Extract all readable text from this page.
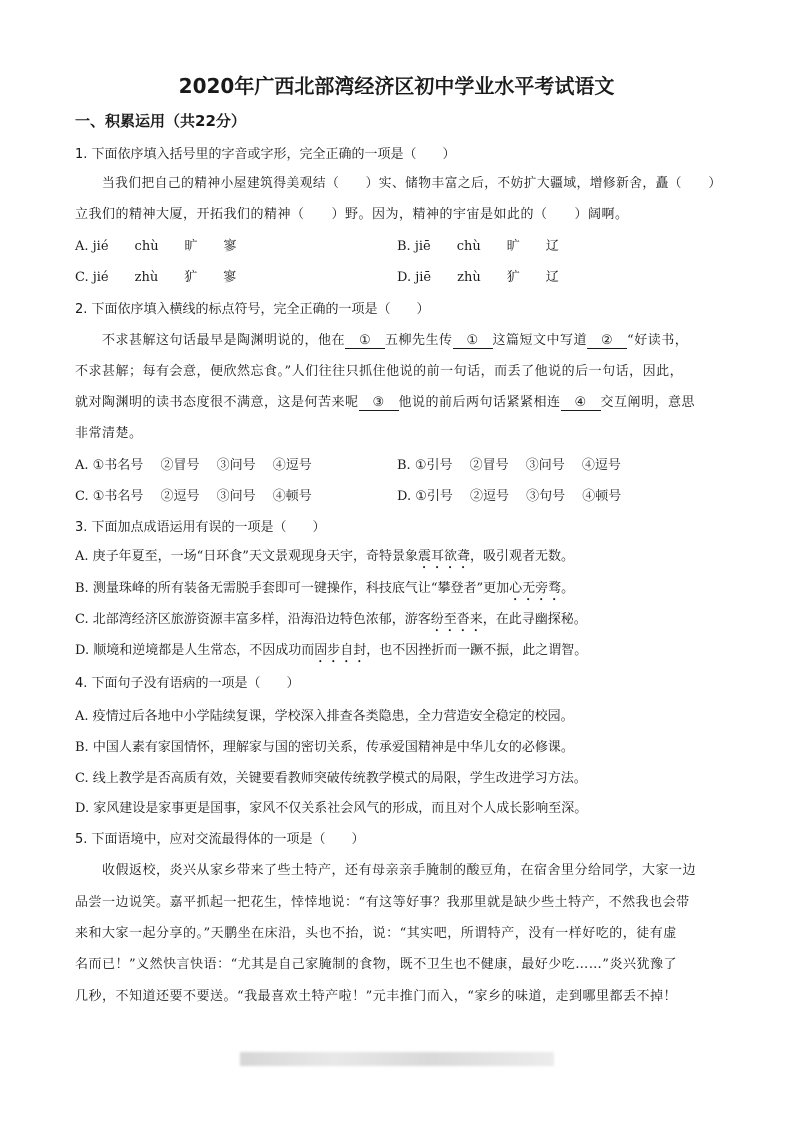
2020年广西北部湾经济区初中学业水平考试语文
一、积累运用（共22分）
1. 下面依序填入括号里的字音或字形，完全正确的一项是（　　）
当我们把自己的精神小屋建筑得美观结（　　）实、储物丰富之后，不妨扩大疆域，增修新舍，矗（　　）
立我们的精神大厦，开拓我们的精神（　　）野。因为，精神的宇宙是如此的（　　）阔啊。
A. jié　　chù　　旷　　寥	B. jiē　　chù　　旷　　辽
C. jié　　zhù　　犷　　寥	D. jiē　　zhù　　犷　　辽
2. 下面依序填入横线的标点符号，完全正确的一项是（　　）
不求甚解这句话最早是陶渊明说的，他在 ① 五柳先生传 ① 这篇短文中写道 ② “好读书，
不求甚解；每有会意，便欣然忘食。”人们往往只抓住他说的前一句话，而丢了他说的后一句话，因此，
就对陶渊明的读书态度很不满意，这是何苦来呢 ③ 他说的前后两句话紧紧相连 ④ 交互阐明，意思
非常清楚。
A. ①书名号　 ②冒号　 ③问号　 ④逗号	B. ①引号　 ②冒号　 ③问号　 ④逗号
C. ①书名号　 ②逗号　 ③问号　 ④顿号	D. ①引号　 ②逗号　 ③句号　 ④顿号
3. 下面加点成语运用有误的一项是（　　）
A. 庚子年夏至，一场“日环食”天文景观现身天宇，奇特景象震耳欲聋，吸引观者无数。
B. 测量珠峰的所有装备无需脱手套即可一键操作，科技底气让“攀登者”更加心无旁骛。
C. 北部湾经济区旅游资源丰富多样，沿海沿边特色浓郁，游客纷至沓来，在此寻幽探秘。
D. 顺境和逆境都是人生常态，不因成功而固步自封，也不因挫折而一蹶不振，此之谓智。
4. 下面句子没有语病的一项是（　　）
A. 疫情过后各地中小学陆续复课，学校深入排查各类隐患，全力营造安全稳定的校园。
B. 中国人素有家国情怀，理解家与国的密切关系，传承爱国精神是中华儿女的必修课。
C. 线上教学是否高质有效，关键要看教师突破传统教学模式的局限，学生改进学习方法。
D. 家风建设是家事更是国事，家风不仅关系社会风气的形成，而且对个人成长影响至深。
5. 下面语境中，应对交流最得体的一项是（　　）
收假返校，炎兴从家乡带来了些土特产，还有母亲亲手腌制的酸豆角，在宿舍里分给同学，大家一边
品尝一边说笑。嘉平抓起一把花生，悻悻地说：“有这等好事？我那里就是缺少些土特产，不然我也会带
来和大家一起分享的。”天鹏坐在床沿，头也不抬，说：“其实吧，所谓特产，没有一样好吃的，徒有虚
名而已！”义然快言快语：“尤其是自己家腌制的食物，既不卫生也不健康，最好少吃……”炎兴犹豫了
几秒，不知道还要不要送。“我最喜欢土特产啦！”元丰推门而入，“家乡的味道，走到哪里都丢不掉！
